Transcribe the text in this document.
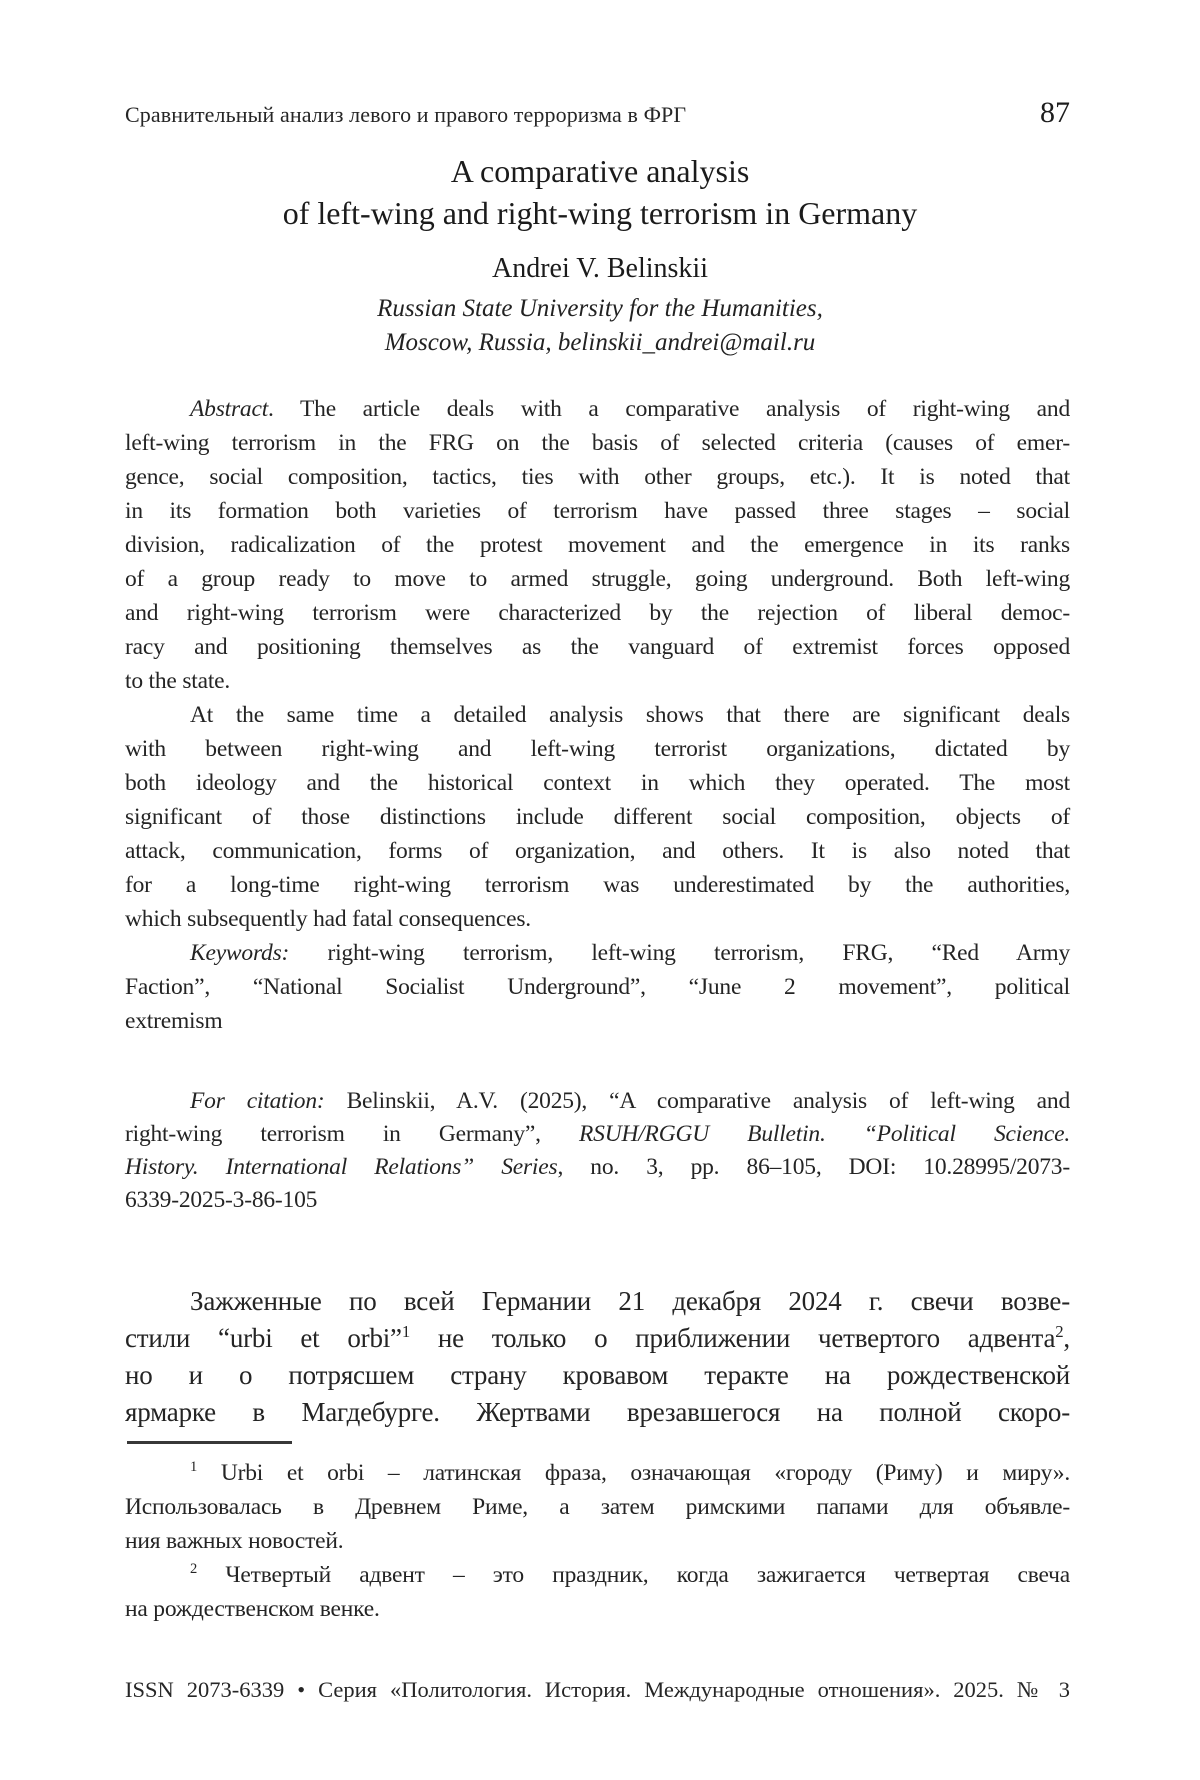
Сравнительный анализ левого и правого терроризма в ФРГ	87
A comparative analysis
of left-wing and right-wing terrorism in Germany
Andrei V. Belinskii
Russian State University for the Humanities,
Moscow, Russia, belinskii_andrei@mail.ru
Abstract. The article deals with a comparative analysis of right-wing and
left-wing terrorism in the FRG on the basis of selected criteria (causes of emer-
gence, social composition, tactics, ties with other groups, etc.). It is noted that
in its formation both varieties of terrorism have passed three stages – social
division, radicalization of the protest movement and the emergence in its ranks
of a group ready to move to armed struggle, going underground. Both left-wing
and right-wing terrorism were characterized by the rejection of liberal democ-
racy and positioning themselves as the vanguard of extremist forces opposed
to the state.
At the same time a detailed analysis shows that there are significant deals
with between right-wing and left-wing terrorist organizations, dictated by
both ideology and the historical context in which they operated. The most
significant of those distinctions include different social composition, objects of
attack, communication, forms of organization, and others. It is also noted that
for a long-time right-wing terrorism was underestimated by the authorities,
which subsequently had fatal consequences.
Keywords: right-wing terrorism, left-wing terrorism, FRG, “Red Army
Faction”, “National Socialist Underground”, “June 2 movement”, political
extremism
For citation: Belinskii, A.V. (2025), “A comparative analysis of left-wing and
right-wing terrorism in Germany”, RSUH/RGGU Bulletin. “Political Science.
History. International Relations” Series, no. 3, pp. 86–105, DOI: 10.28995/2073-
6339-2025-3-86-105
Зажженные по всей Германии 21 декабря 2024 г. свечи возве-
стили “urbi et orbi”$^1$ не только о приближении четвертого адвента$^2$,
но и о потрясшем страну кровавом теракте на рождественской
ярмарке в Магдебурге. Жертвами врезавшегося на полной скоро-
$^1$ Urbi et orbi – латинская фраза, означающая «городу (Риму) и миру».
Использовалась в Древнем Риме, а затем римскими папами для объявле-
ния важных новостей.
$^2$ Четвертый адвент – это праздник, когда зажигается четвертая свеча
на рождественском венке.
ISSN 2073-6339 • Серия «Политология. История. Международные отношения». 2025. № 3
